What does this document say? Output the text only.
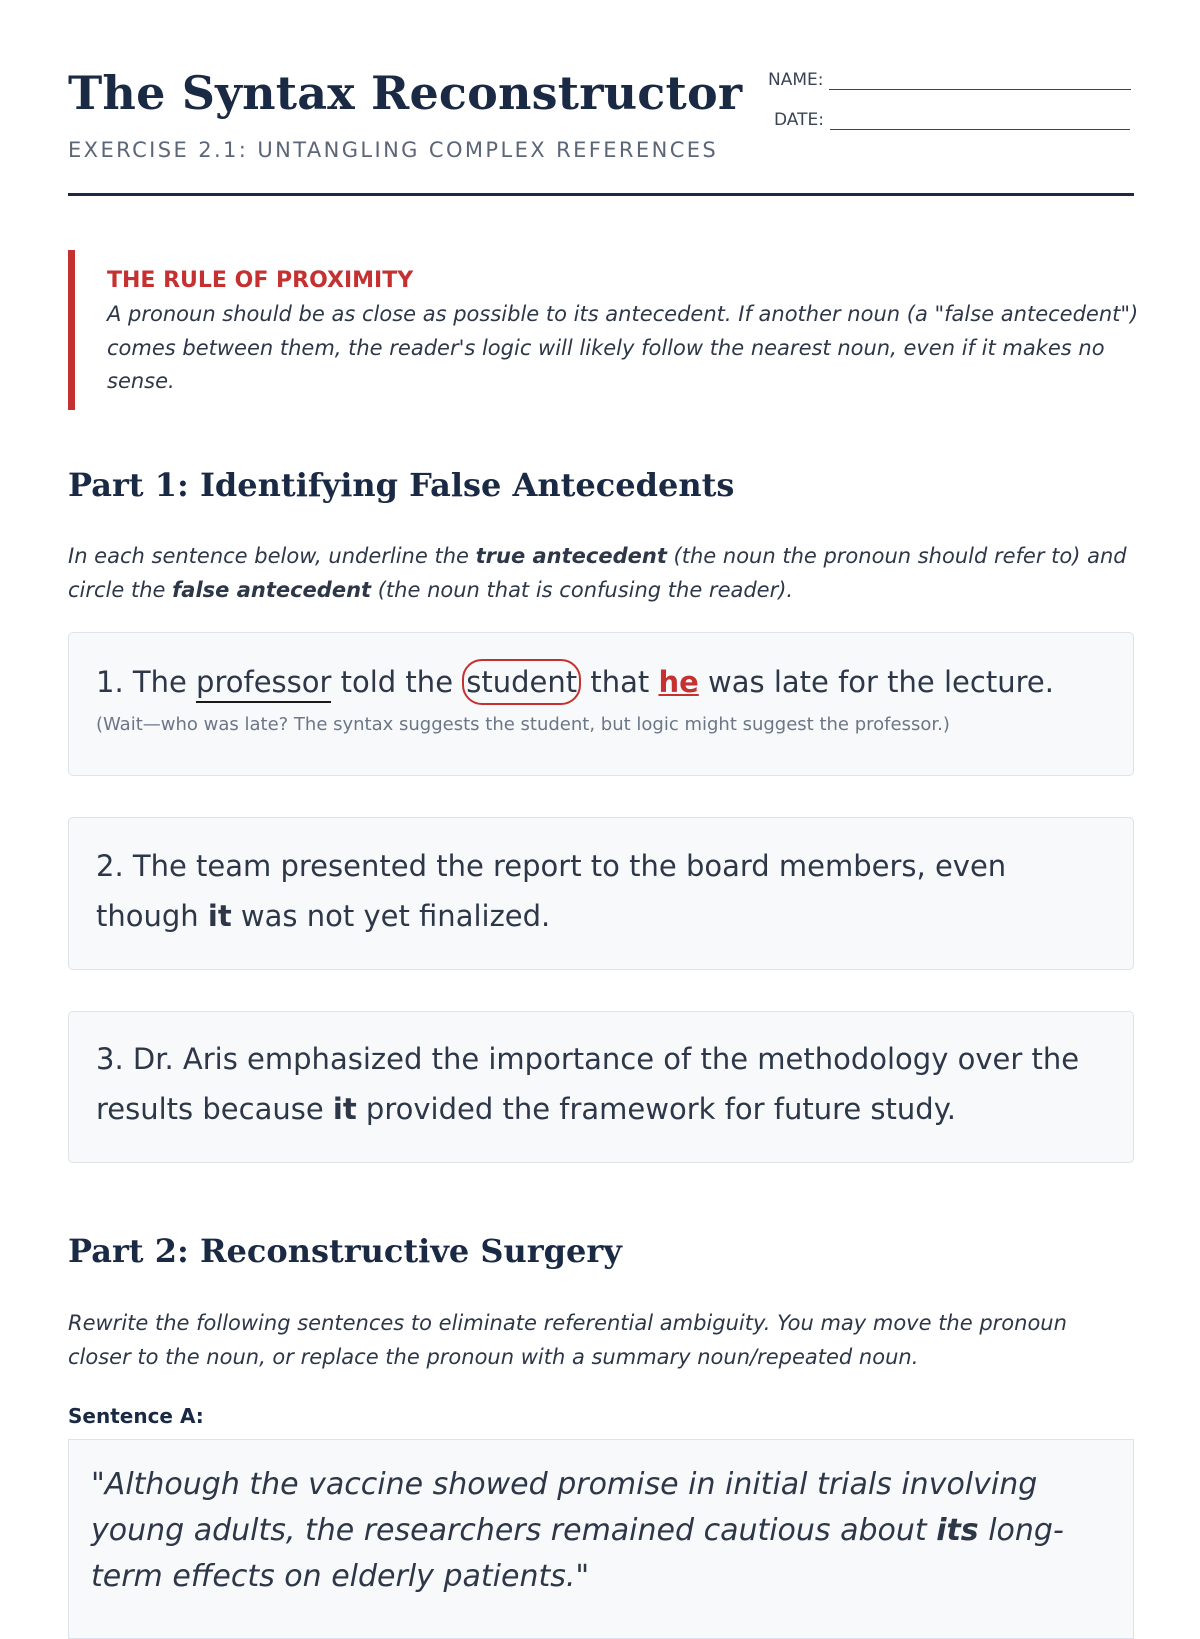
The Syntax Reconstructor
EXERCISE 2.1: UNTANGLING COMPLEX REFERENCES
NAME:
DATE:
THE RULE OF PROXIMITY
A pronoun should be as close as possible to its antecedent. If another noun (a "false antecedent") comes between them, the reader's logic will likely follow the nearest noun, even if it makes no sense.
Part 1: Identifying False Antecedents
In each sentence below, underline the true antecedent (the noun the pronoun should refer to) and circle the false antecedent (the noun that is confusing the reader).
1. The professor told the student that he was late for the lecture.
(Wait—who was late? The syntax suggests the student, but logic might suggest the professor.)
2. The team presented the report to the board members, even though it was not yet finalized.
3. Dr. Aris emphasized the importance of the methodology over the results because it provided the framework for future study.
Part 2: Reconstructive Surgery
Rewrite the following sentences to eliminate referential ambiguity. You may move the pronoun closer to the noun, or replace the pronoun with a summary noun/repeated noun.
Sentence A:
"Although the vaccine showed promise in initial trials involving young adults, the researchers remained cautious about its long-term effects on elderly patients."
